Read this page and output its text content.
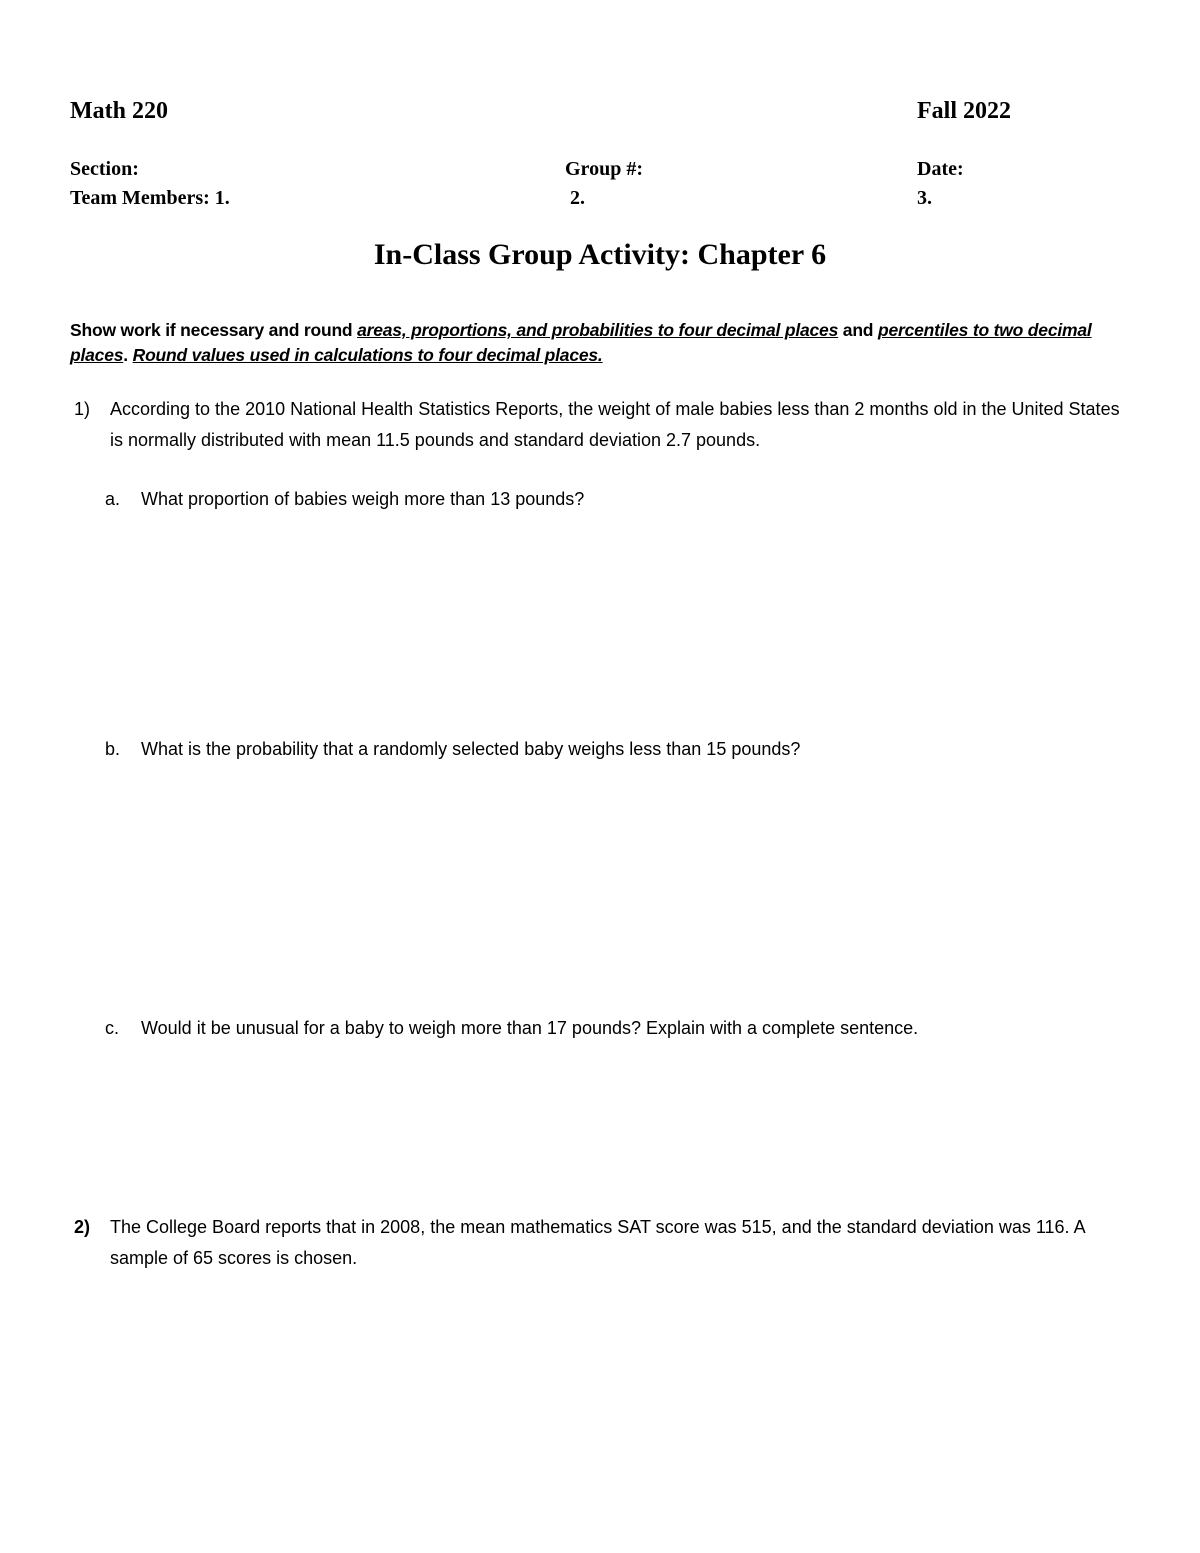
Math 220	Fall 2022
Section:	Group #:	Date:
Team Members: 1.	2.	3.
In-Class Group Activity: Chapter 6
Show work if necessary and round areas, proportions, and probabilities to four decimal places and percentiles to two decimal places. Round values used in calculations to four decimal places.
1) According to the 2010 National Health Statistics Reports, the weight of male babies less than 2 months old in the United States is normally distributed with mean 11.5 pounds and standard deviation 2.7 pounds.
a. What proportion of babies weigh more than 13 pounds?
b. What is the probability that a randomly selected baby weighs less than 15 pounds?
c. Would it be unusual for a baby to weigh more than 17 pounds? Explain with a complete sentence.
2) The College Board reports that in 2008, the mean mathematics SAT score was 515, and the standard deviation was 116. A sample of 65 scores is chosen.
